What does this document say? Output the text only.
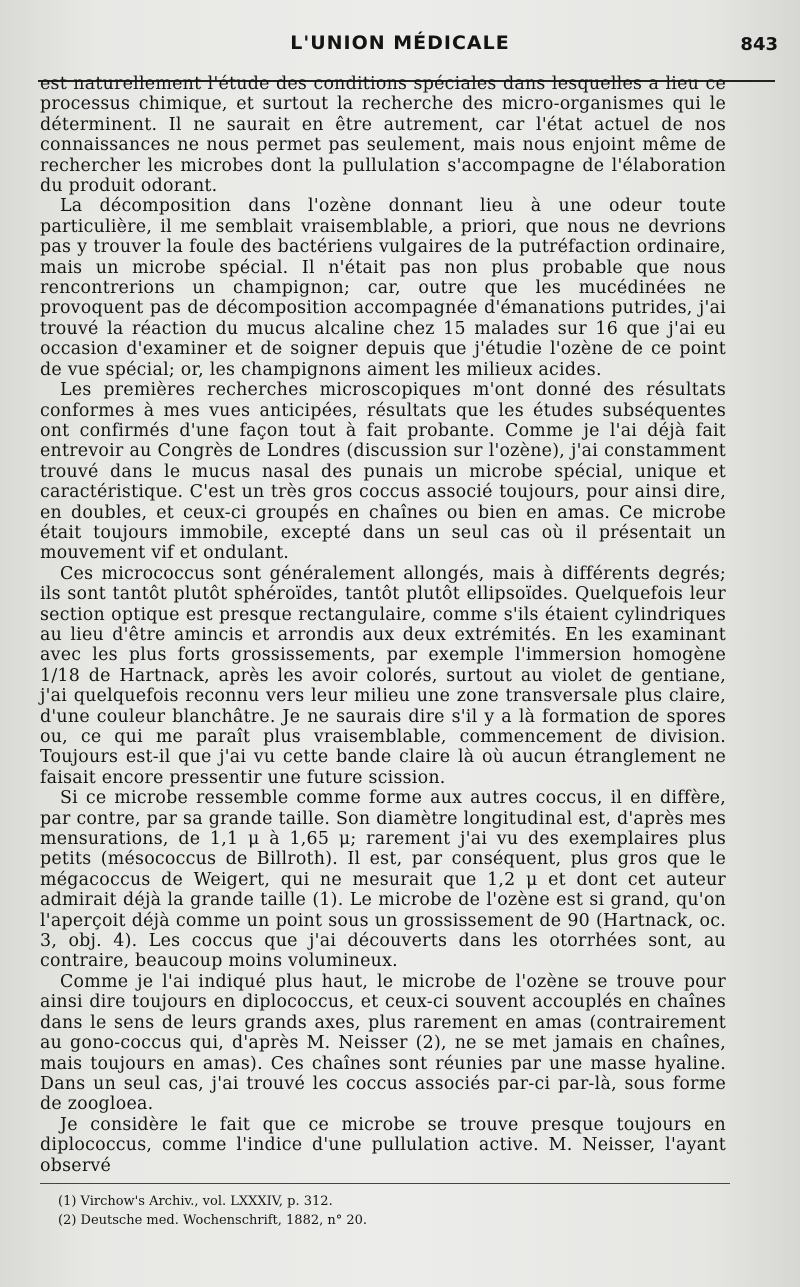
L'UNION MÉDICALE	843

est naturellement l'étude des conditions spéciales dans lesquelles a lieu ce processus chimique, et surtout la recherche des micro-organismes qui le déterminent. Il ne saurait en être autrement, car l'état actuel de nos connaissances ne nous permet pas seulement, mais nous enjoint même de rechercher les microbes dont la pullulation s'accompagne de l'élaboration du produit odorant.

La décomposition dans l'ozène donnant lieu à une odeur toute particulière, il me semblait vraisemblable, a priori, que nous ne devrions pas y trouver la foule des bactériens vulgaires de la putréfaction ordinaire, mais un microbe spécial. Il n'était pas non plus probable que nous rencontrerions un champignon; car, outre que les mucédinées ne provoquent pas de décomposition accompagnée d'émanations putrides, j'ai trouvé la réaction du mucus alcaline chez 15 malades sur 16 que j'ai eu occasion d'examiner et de soigner depuis que j'étudie l'ozène de ce point de vue spécial; or, les champignons aiment les milieux acides.

Les premières recherches microscopiques m'ont donné des résultats conformes à mes vues anticipées, résultats que les études subséquentes ont confirmés d'une façon tout à fait probante. Comme je l'ai déjà fait entrevoir au Congrès de Londres (discussion sur l'ozène), j'ai constamment trouvé dans le mucus nasal des punais un microbe spécial, unique et caractéristique. C'est un très gros coccus associé toujours, pour ainsi dire, en doubles, et ceux-ci groupés en chaînes ou bien en amas. Ce microbe était toujours immobile, excepté dans un seul cas où il présentait un mouvement vif et ondulant.

Ces micrococcus sont généralement allongés, mais à différents degrés; ils sont tantôt plutôt sphéroïdes, tantôt plutôt ellipsoïdes. Quelquefois leur section optique est presque rectangulaire, comme s'ils étaient cylindriques au lieu d'être amincis et arrondis aux deux extrémités. En les examinant avec les plus forts grossissements, par exemple l'immersion homogène 1/18 de Hartnack, après les avoir colorés, surtout au violet de gentiane, j'ai quelquefois reconnu vers leur milieu une zone transversale plus claire, d'une couleur blanchâtre. Je ne saurais dire s'il y a là formation de spores ou, ce qui me paraît plus vraisemblable, commencement de division. Toujours est-il que j'ai vu cette bande claire là où aucun étranglement ne faisait encore pressentir une future scission.

Si ce microbe ressemble comme forme aux autres coccus, il en diffère, par contre, par sa grande taille. Son diamètre longitudinal est, d'après mes mensurations, de 1,1 μ à 1,65 μ; rarement j'ai vu des exemplaires plus petits (mésococcus de Billroth). Il est, par conséquent, plus gros que le mégacoccus de Weigert, qui ne mesurait que 1,2 μ et dont cet auteur admirait déjà la grande taille (1). Le microbe de l'ozène est si grand, qu'on l'aperçoit déjà comme un point sous un grossissement de 90 (Hartnack, oc. 3, obj. 4). Les coccus que j'ai découverts dans les otorrhées sont, au contraire, beaucoup moins volumineux.

Comme je l'ai indiqué plus haut, le microbe de l'ozène se trouve pour ainsi dire toujours en diplococcus, et ceux-ci souvent accouplés en chaînes dans le sens de leurs grands axes, plus rarement en amas (contrairement au gono-coccus qui, d'après M. Neisser (2), ne se met jamais en chaînes, mais toujours en amas). Ces chaînes sont réunies par une masse hyaline. Dans un seul cas, j'ai trouvé les coccus associés par-ci par-là, sous forme de zoogloea.

Je considère le fait que ce microbe se trouve presque toujours en diplococcus, comme l'indice d'une pullulation active. M. Neisser, l'ayant observé

(1) Virchow's Archiv., vol. LXXXIV, p. 312.
(2) Deutsche med. Wochenschrift, 1882, n° 20.
